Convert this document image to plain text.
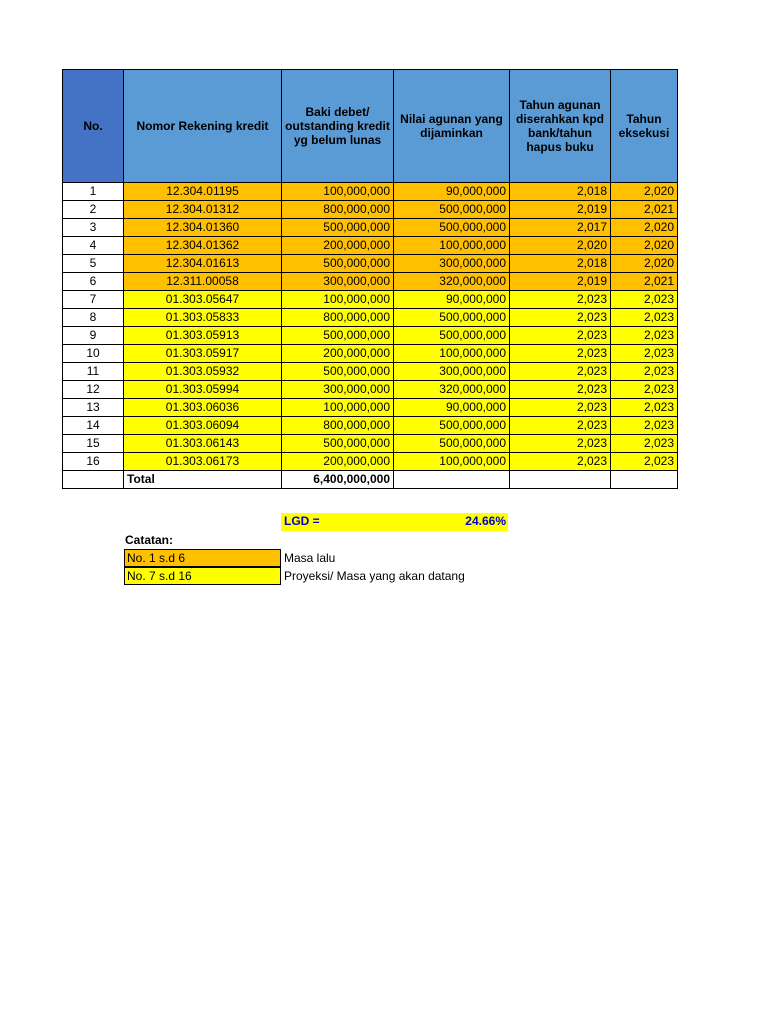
No.	Nomor Rekening kredit	Baki debet/ outstanding kredit yg belum lunas	Nilai agunan yang dijaminkan	Tahun agunan diserahkan kpd bank/tahun hapus buku	Tahun eksekusi
1	12.304.01195	100,000,000	90,000,000	2,018	2,020
2	12.304.01312	800,000,000	500,000,000	2,019	2,021
3	12.304.01360	500,000,000	500,000,000	2,017	2,020
4	12.304.01362	200,000,000	100,000,000	2,020	2,020
5	12.304.01613	500,000,000	300,000,000	2,018	2,020
6	12.311.00058	300,000,000	320,000,000	2,019	2,021
7	01.303.05647	100,000,000	90,000,000	2,023	2,023
8	01.303.05833	800,000,000	500,000,000	2,023	2,023
9	01.303.05913	500,000,000	500,000,000	2,023	2,023
10	01.303.05917	200,000,000	100,000,000	2,023	2,023
11	01.303.05932	500,000,000	300,000,000	2,023	2,023
12	01.303.05994	300,000,000	320,000,000	2,023	2,023
13	01.303.06036	100,000,000	90,000,000	2,023	2,023
14	01.303.06094	800,000,000	500,000,000	2,023	2,023
15	01.303.06143	500,000,000	500,000,000	2,023	2,023
16	01.303.06173	200,000,000	100,000,000	2,023	2,023
	Total	6,400,000,000			
LGD =	24.66%
Catatan:
No. 1 s.d 6	Masa lalu
No. 7 s.d 16	Proyeksi/ Masa yang akan datang
